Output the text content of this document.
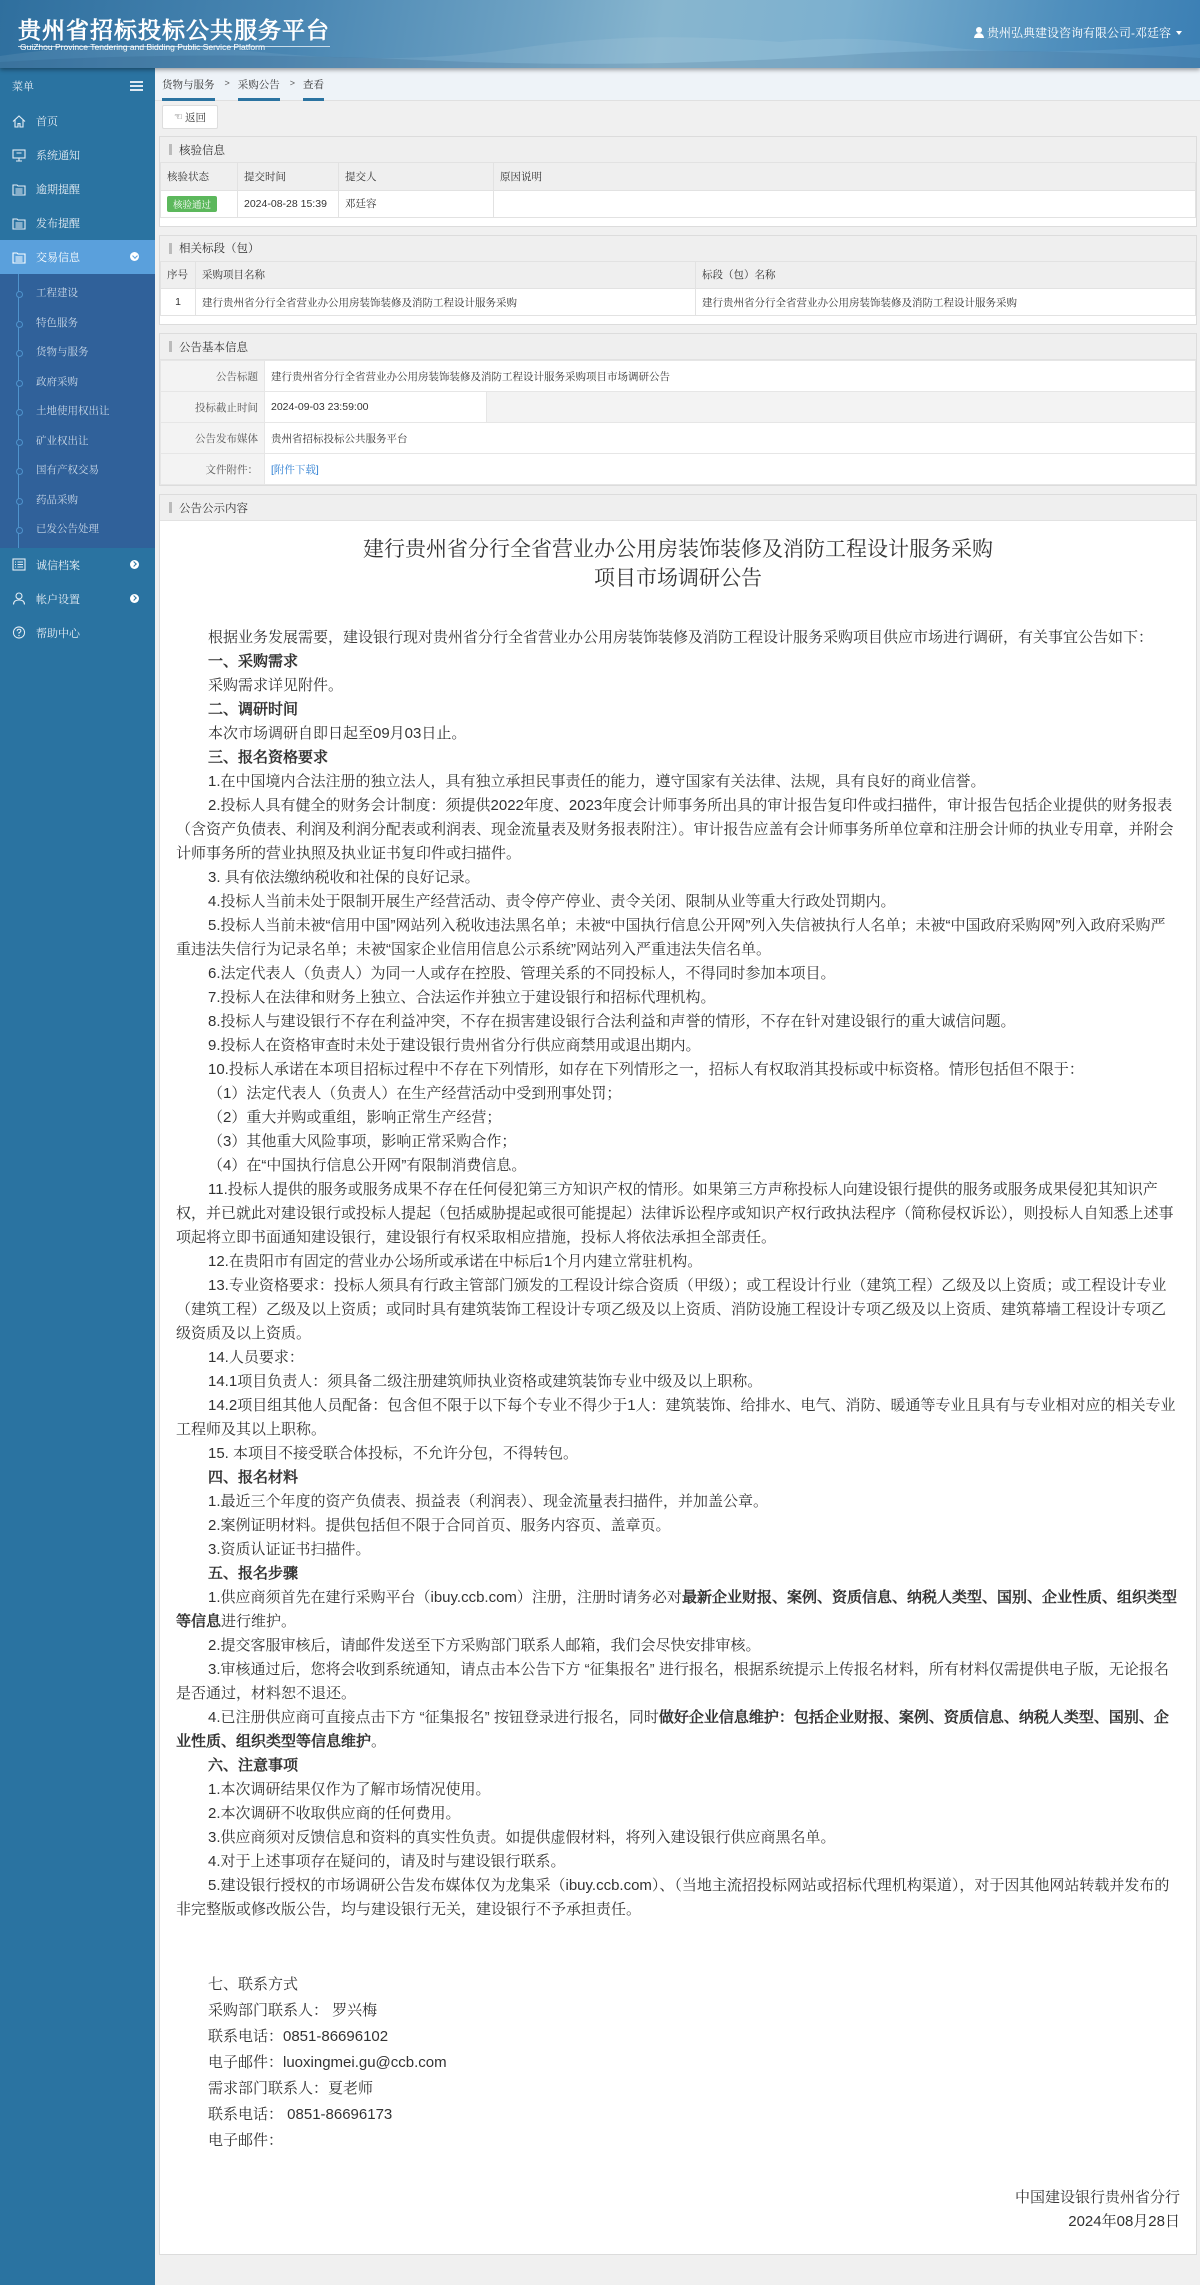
贵州省招标投标公共服务平台
GuiZhou Province Tendering and Bidding Public Service Platform
贵州弘典建设咨询有限公司-邓廷容
菜单
首页
系统通知
逾期提醒
发布提醒
交易信息
工程建设
特色服务
货物与服务
政府采购
土地使用权出让
矿业权出让
国有产权交易
药品采购
已发公告处理
诚信档案
帐户设置
帮助中心
货物与服务 > 采购公告 > 查看
☜ 返回
核验信息
核验状态	提交时间	提交人	原因说明
核验通过	2024-08-28 15:39	邓廷容	
相关标段（包）
序号	采购项目名称	标段（包）名称
1	建行贵州省分行全省营业办公用房装饰装修及消防工程设计服务采购	建行贵州省分行全省营业办公用房装饰装修及消防工程设计服务采购
公告基本信息
公告标题	建行贵州省分行全省营业办公用房装饰装修及消防工程设计服务采购项目市场调研公告	
投标截止时间	2024-09-03 23:59:00	
公告发布媒体	贵州省招标投标公共服务平台	
文件附件：	[附件下载]	
公告公示内容
建行贵州省分行全省营业办公用房装饰装修及消防工程设计服务采购
项目市场调研公告

根据业务发展需要，建设银行现对贵州省分行全省营业办公用房装饰装修及消防工程设计服务采购项目供应市场进行调研，有关事宜公告如下：

一、采购需求

采购需求详见附件。

二、调研时间

本次市场调研自即日起至09月03日止。

三、报名资格要求

1.在中国境内合法注册的独立法人，具有独立承担民事责任的能力，遵守国家有关法律、法规，具有良好的商业信誉。

2.投标人具有健全的财务会计制度：须提供2022年度、2023年度会计师事务所出具的审计报告复印件或扫描件，审计报告包括企业提供的财务报表（含资产负债表、利润及利润分配表或利润表、现金流量表及财务报表附注）。审计报告应盖有会计师事务所单位章和注册会计师的执业专用章，并附会计师事务所的营业执照及执业证书复印件或扫描件。

3. 具有依法缴纳税收和社保的良好记录。

4.投标人当前未处于限制开展生产经营活动、责令停产停业、责令关闭、限制从业等重大行政处罚期内。

5.投标人当前未被“信用中国”网站列入税收违法黑名单；未被“中国执行信息公开网”列入失信被执行人名单；未被“中国政府采购网”列入政府采购严重违法失信行为记录名单；未被“国家企业信用信息公示系统”网站列入严重违法失信名单。

6.法定代表人（负责人）为同一人或存在控股、管理关系的不同投标人，不得同时参加本项目。

7.投标人在法律和财务上独立、合法运作并独立于建设银行和招标代理机构。

8.投标人与建设银行不存在利益冲突，不存在损害建设银行合法利益和声誉的情形，不存在针对建设银行的重大诚信问题。

9.投标人在资格审查时未处于建设银行贵州省分行供应商禁用或退出期内。

10.投标人承诺在本项目招标过程中不存在下列情形，如存在下列情形之一，招标人有权取消其投标或中标资格。情形包括但不限于：

（1）法定代表人（负责人）在生产经营活动中受到刑事处罚；

（2）重大并购或重组，影响正常生产经营；

（3）其他重大风险事项，影响正常采购合作；

（4）在“中国执行信息公开网”有限制消费信息。

11.投标人提供的服务或服务成果不存在任何侵犯第三方知识产权的情形。如果第三方声称投标人向建设银行提供的服务或服务成果侵犯其知识产权，并已就此对建设银行或投标人提起（包括威胁提起或很可能提起）法律诉讼程序或知识产权行政执法程序（简称侵权诉讼），则投标人自知悉上述事项起将立即书面通知建设银行，建设银行有权采取相应措施，投标人将依法承担全部责任。

12.在贵阳市有固定的营业办公场所或承诺在中标后1个月内建立常驻机构。

13.专业资格要求：投标人须具有行政主管部门颁发的工程设计综合资质（甲级）；或工程设计行业（建筑工程）乙级及以上资质；或工程设计专业（建筑工程）乙级及以上资质；或同时具有建筑装饰工程设计专项乙级及以上资质、消防设施工程设计专项乙级及以上资质、建筑幕墙工程设计专项乙级资质及以上资质。

14.人员要求：

14.1项目负责人：须具备二级注册建筑师执业资格或建筑装饰专业中级及以上职称。

14.2项目组其他人员配备：包含但不限于以下每个专业不得少于1人：建筑装饰、给排水、电气、消防、暖通等专业且具有与专业相对应的相关专业工程师及其以上职称。

15. 本项目不接受联合体投标，不允许分包，不得转包。

四、报名材料

1.最近三个年度的资产负债表、损益表（利润表）、现金流量表扫描件，并加盖公章。

2.案例证明材料。提供包括但不限于合同首页、服务内容页、盖章页。

3.资质认证证书扫描件。

五、报名步骤

1.供应商须首先在建行采购平台（ibuy.ccb.com）注册，注册时请务必对最新企业财报、案例、资质信息、纳税人类型、国别、企业性质、组织类型等信息进行维护。

2.提交客服审核后，请邮件发送至下方采购部门联系人邮箱，我们会尽快安排审核。

3.审核通过后，您将会收到系统通知，请点击本公告下方 “征集报名” 进行报名，根据系统提示上传报名材料，所有材料仅需提供电子版，无论报名是否通过，材料恕不退还。

4.已注册供应商可直接点击下方 “征集报名” 按钮登录进行报名，同时做好企业信息维护：包括企业财报、案例、资质信息、纳税人类型、国别、企业性质、组织类型等信息维护。

六、注意事项

1.本次调研结果仅作为了解市场情况使用。

2.本次调研不收取供应商的任何费用。

3.供应商须对反馈信息和资料的真实性负责。如提供虚假材料，将列入建设银行供应商黑名单。

4.对于上述事项存在疑问的，请及时与建设银行联系。

5.建设银行授权的市场调研公告发布媒体仅为龙集采（ibuy.ccb.com）、（当地主流招投标网站或招标代理机构渠道），对于因其他网站转载并发布的非完整版或修改版公告，均与建设银行无关，建设银行不予承担责任。

七、联系方式
采购部门联系人： 罗兴梅
联系电话：0851-86696102
电子邮件：luoxingmei.gu@ccb.com
需求部门联系人：夏老师
联系电话： 0851-86696173
电子邮件：
中国建设银行贵州省分行
2024年08月28日
